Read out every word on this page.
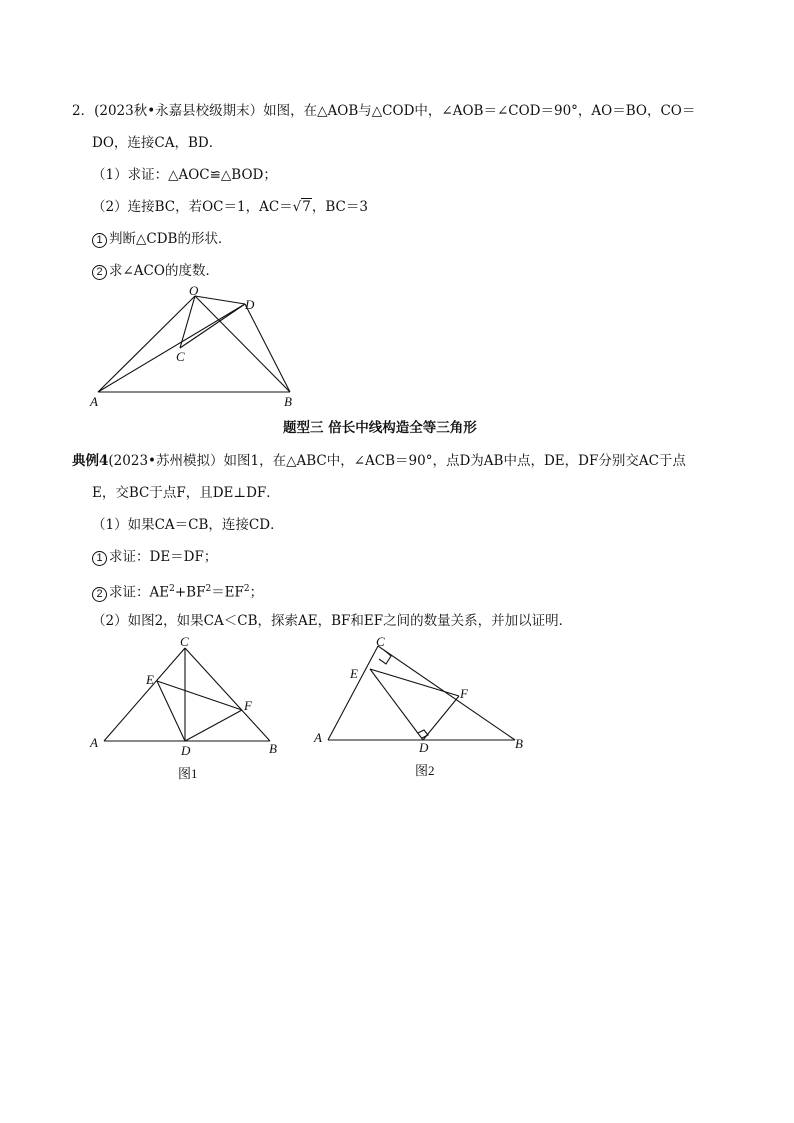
2．(2023秋•永嘉县校级期末）如图，在△AOB与△COD中，∠AOB＝∠COD＝90°，AO＝BO，CO＝
DO，连接CA，BD．
（1）求证：△AOC≌△BOD；
（2）连接BC，若OC＝1，AC＝√7，BC＝3
1 判断△CDB的形状．
2 求∠ACO的度数．
O
D
C
A	B
题型三 倍长中线构造全等三角形
典例4(2023•苏州模拟）如图1，在△ABC中，∠ACB＝90°，点D为AB中点，DE，DF分别交AC于点
E，交BC于点F，且DE⊥DF．
（1）如果CA＝CB，连接CD．
1 求证：DE＝DF；
2 求证：$AE^2+BF^2=EF^2$；
（2）如图2，如果CA＜CB，探索AE，BF和EF之间的数量关系，并加以证明．
C
E
F
A
D	B
图1
C
E
F
A
D	B
图2
